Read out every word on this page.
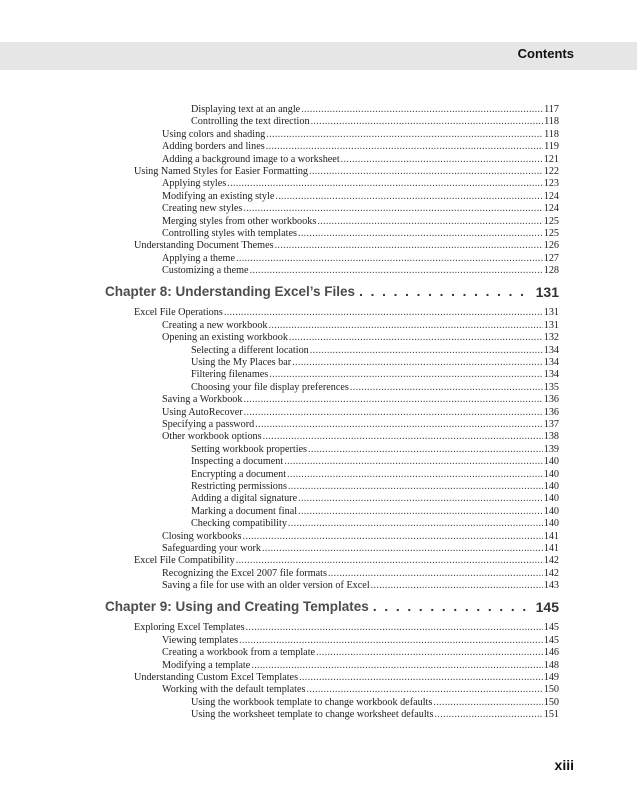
Contents
Displaying text at an angle .....	117
Controlling the text direction .....	118
Using colors and shading .....	118
Adding borders and lines .....	119
Adding a background image to a worksheet .....	121
Using Named Styles for Easier Formatting .....	122
Applying styles .....	123
Modifying an existing style .....	124
Creating new styles .....	124
Merging styles from other workbooks .....	125
Controlling styles with templates .....	125
Understanding Document Themes .....	126
Applying a theme .....	127
Customizing a theme .....	128
Chapter 8: Understanding Excel’s Files . . .	131
Excel File Operations .....	131
Creating a new workbook .....	131
Opening an existing workbook .....	132
Selecting a different location .....	134
Using the My Places bar .....	134
Filtering filenames .....	134
Choosing your file display preferences .....	135
Saving a Workbook .....	136
Using AutoRecover .....	136
Specifying a password .....	137
Other workbook options .....	138
Setting workbook properties .....	139
Inspecting a document .....	140
Encrypting a document .....	140
Restricting permissions .....	140
Adding a digital signature .....	140
Marking a document final .....	140
Checking compatibility .....	140
Closing workbooks .....	141
Safeguarding your work .....	141
Excel File Compatibility .....	142
Recognizing the Excel 2007 file formats .....	142
Saving a file for use with an older version of Excel .....	143
Chapter 9: Using and Creating Templates . . .	145
Exploring Excel Templates .....	145
Viewing templates .....	145
Creating a workbook from a template .....	146
Modifying a template .....	148
Understanding Custom Excel Templates .....	149
Working with the default templates .....	150
Using the workbook template to change workbook defaults .....	150
Using the worksheet template to change worksheet defaults .....	151
xiii
